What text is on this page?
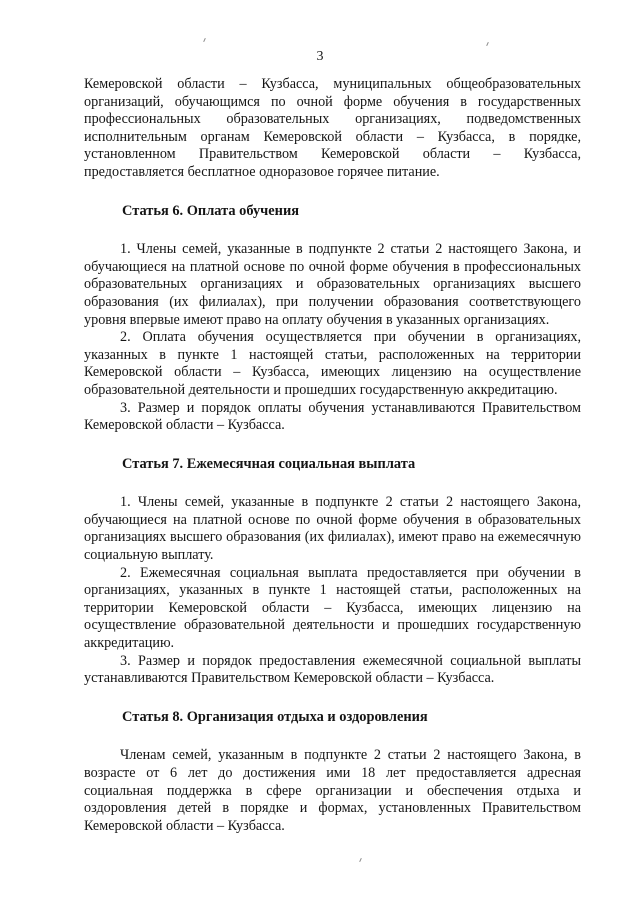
3

Кемеровской области – Кузбасса, муниципальных общеобразовательных организаций, обучающимся по очной форме обучения в государственных профессиональных образовательных организациях, подведомственных исполнительным органам Кемеровской области – Кузбасса, в порядке, установленном Правительством Кемеровской области – Кузбасса, предоставляется бесплатное одноразовое горячее питание.

Статья 6. Оплата обучения

1. Члены семей, указанные в подпункте 2 статьи 2 настоящего Закона, и обучающиеся на платной основе по очной форме обучения в профессиональных образовательных организациях и образовательных организациях высшего образования (их филиалах), при получении образования соответствующего уровня впервые имеют право на оплату обучения в указанных организациях.

2. Оплата обучения осуществляется при обучении в организациях, указанных в пункте 1 настоящей статьи, расположенных на территории Кемеровской области – Кузбасса, имеющих лицензию на осуществление образовательной деятельности и прошедших государственную аккредитацию.

3. Размер и порядок оплаты обучения устанавливаются Правительством Кемеровской области – Кузбасса.

Статья 7. Ежемесячная социальная выплата

1. Члены семей, указанные в подпункте 2 статьи 2 настоящего Закона, обучающиеся на платной основе по очной форме обучения в образовательных организациях высшего образования (их филиалах), имеют право на ежемесячную социальную выплату.

2. Ежемесячная социальная выплата предоставляется при обучении в организациях, указанных в пункте 1 настоящей статьи, расположенных на территории Кемеровской области – Кузбасса, имеющих лицензию на осуществление образовательной деятельности и прошедших государственную аккредитацию.

3. Размер и порядок предоставления ежемесячной социальной выплаты устанавливаются Правительством Кемеровской области – Кузбасса.

Статья 8. Организация отдыха и оздоровления

Членам семей, указанным в подпункте 2 статьи 2 настоящего Закона, в возрасте от 6 лет до достижения ими 18 лет предоставляется адресная социальная поддержка в сфере организации и обеспечения отдыха и оздоровления детей в порядке и формах, установленных Правительством Кемеровской области – Кузбасса.
